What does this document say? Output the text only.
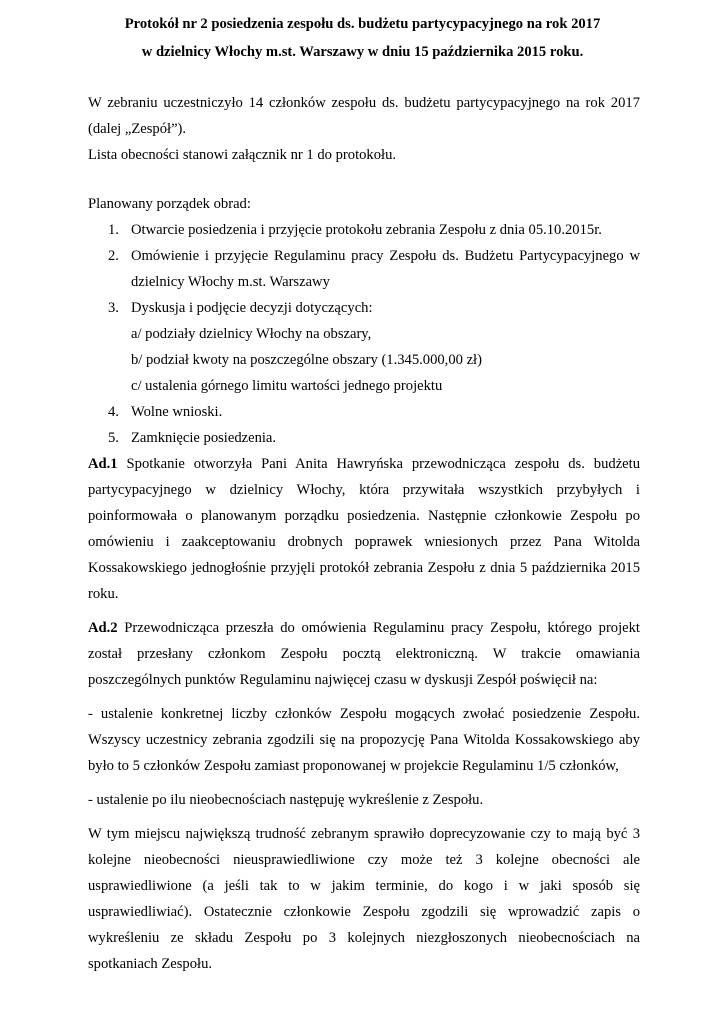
Protokół nr 2 posiedzenia zespołu ds. budżetu partycypacyjnego na rok 2017
w dzielnicy Włochy m.st. Warszawy w dniu 15 października 2015 roku.
W zebraniu uczestniczyło 14 członków zespołu ds. budżetu partycypacyjnego na rok 2017
(dalej „Zespół”).
Lista obecności stanowi załącznik nr 1 do protokołu.
Planowany porządek obrad:
1. Otwarcie posiedzenia i przyjęcie protokołu zebrania Zespołu z dnia 05.10.2015r.
2. Omówienie i przyjęcie Regulaminu pracy Zespołu ds. Budżetu Partycypacyjnego w
dzielnicy Włochy m.st. Warszawy
3. Dyskusja i podjęcie decyzji dotyczących:
a/ podziały dzielnicy Włochy na obszary,
b/ podział kwoty na poszczególne obszary (1.345.000,00 zł)
c/ ustalenia górnego limitu wartości jednego projektu
4. Wolne wnioski.
5. Zamknięcie posiedzenia.
Ad.1 Spotkanie otworzyła Pani Anita Hawryńska przewodnicząca zespołu ds. budżetu
partycypacyjnego w dzielnicy Włochy, która przywitała wszystkich przybyłych i
poinformowała o planowanym porządku posiedzenia. Następnie członkowie Zespołu po
omówieniu i zaakceptowaniu drobnych poprawek wniesionych przez Pana Witolda
Kossakowskiego jednogłośnie przyjęli protokół zebrania Zespołu z dnia 5 października 2015
roku.
Ad.2 Przewodnicząca przeszła do omówienia Regulaminu pracy Zespołu, którego projekt
został przesłany członkom Zespołu pocztą elektroniczną. W trakcie omawiania
poszczególnych punktów Regulaminu najwięcej czasu w dyskusji Zespół poświęcił na:
- ustalenie konkretnej liczby członków Zespołu mogących zwołać posiedzenie Zespołu.
Wszyscy uczestnicy zebrania zgodzili się na propozycję Pana Witolda Kossakowskiego aby
było to 5 członków Zespołu zamiast proponowanej w projekcie Regulaminu 1/5 członków,
- ustalenie po ilu nieobecnościach następuję wykreślenie z Zespołu.
W tym miejscu największą trudność zebranym sprawiło doprecyzowanie czy to mają być 3
kolejne nieobecności nieusprawiedliwione czy może też 3 kolejne obecności ale
usprawiedliwione (a jeśli tak to w jakim terminie, do kogo i w jaki sposób się
usprawiedliwiać). Ostatecznie członkowie Zespołu zgodzili się wprowadzić zapis o
wykreśleniu ze składu Zespołu po 3 kolejnych niezgłoszonych nieobecnościach na
spotkaniach Zespołu.
